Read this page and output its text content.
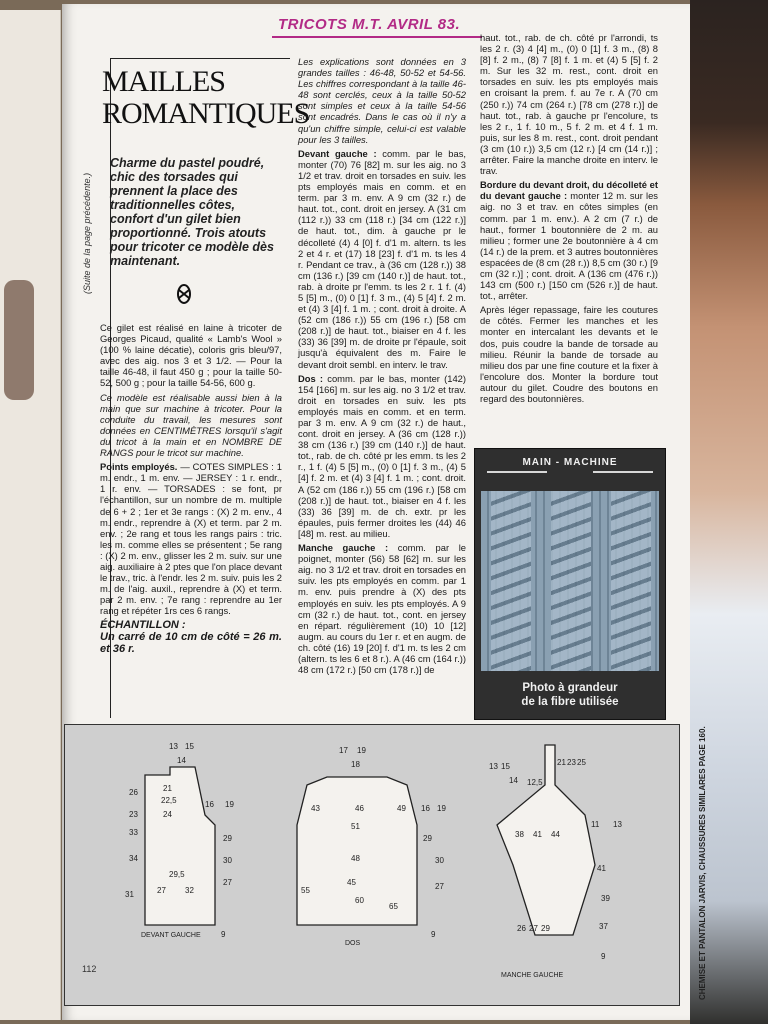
CHEMISE ET PANTALON JARVIS, CHAUSSURES SIMILARES PAGE 160.
TRICOTS M.T. AVRIL 83.
MAILLES
ROMANTIQUES
(Suite de la page précédente.)
Charme du pastel poudré, chic des torsades qui prennent la place des traditionnelles côtes, confort d'un gilet bien proportionné. Trois atouts pour tricoter ce modèle dès maintenant.

Ce gilet est réalisé en laine à tricoter de Georges Picaud, qualité « Lamb's Wool » (100 % laine décatie), coloris gris bleu/97, avec des aig. nos 3 et 3 1/2. — Pour la taille 46-48, il faut 450 g ; pour la taille 50-52, 500 g ; pour la taille 54-56, 600 g.

Ce modèle est réalisable aussi bien à la main que sur machine à tricoter. Pour la conduite du travail, les mesures sont données en CENTIMÈTRES lorsqu'il s'agit du tricot à la main et en NOMBRE DE RANGS pour le tricot sur machine.

Points employés. — COTES SIMPLES : 1 m. endr., 1 m. env. — JERSEY : 1 r. endr., 1 r. env. — TORSADES : se font, pr l'échantillon, sur un nombre de m. multiple de 6 + 2 ; 1er et 3e rangs : (X) 2 m. env., 4 m. endr., reprendre à (X) et term. par 2 m. env. ; 2e rang et tous les rangs pairs : tric. les m. comme elles se présentent ; 5e rang : (X) 2 m. env., glisser les 2 m. suiv. sur une aig. auxiliaire à 2 ptes que l'on place devant le trav., tric. à l'endr. les 2 m. suiv. puis les 2 m. de l'aig. auxil., reprendre à (X) et term. par 2 m. env. ; 7e rang : reprendre au 1er rang et répéter 1rs ces 6 rangs.

ÉCHANTILLON :
Un carré de 10 cm de côté = 26 m. et 36 r.

Les explications sont données en 3 grandes tailles : 46-48, 50-52 et 54-56. Les chiffres correspondant à la taille 46-48 sont cerclés, ceux à la taille 50-52 sont simples et ceux à la taille 54-56 sont encadrés. Dans le cas où il n'y a qu'un chiffre simple, celui-ci est valable pour les 3 tailles.

Devant gauche : comm. par le bas, monter (70) 76 [82] m. sur les aig. no 3 1/2 et trav. droit en torsades en suiv. les pts employés mais en comm. et en term. par 3 m. env. A 9 cm (32 r.) de haut. tot., cont. droit en jersey. A (31 cm (112 r.)) 33 cm (118 r.) [34 cm (122 r.)] de haut. tot., dim. à gauche pr le décolleté (4) 4 [0] f. d'1 m. altern. ts les 2 et 4 r. et (17) 18 [23] f. d'1 m. ts les 4 r. Pendant ce trav., à (36 cm (128 r.)) 38 cm (136 r.) [39 cm (140 r.)] de haut. tot., rab. à droite pr l'emm. ts les 2 r. 1 f. (4) 5 [5] m., (0) 0 [1] f. 3 m., (4) 5 [4] f. 2 m. et (4) 3 [4] f. 1 m. ; cont. droit à droite. A (52 cm (186 r.)) 55 cm (196 r.) [58 cm (208 r.)] de haut. tot., biaiser en 4 f. les (33) 36 [39] m. de droite pr l'épaule, soit jusqu'à équivalent des m. Faire le devant droit sembl. en interv. le trav.

Dos : comm. par le bas, monter (142) 154 [166] m. sur les aig. no 3 1/2 et trav. droit en torsades en suiv. les pts employés mais en comm. et en term. par 3 m. env. A 9 cm (32 r.) de haut., cont. droit en jersey. A (36 cm (128 r.)) 38 cm (136 r.) [39 cm (140 r.)] de haut. tot., rab. de ch. côté pr les emm. ts les 2 r., 1 f. (4) 5 [5] m., (0) 0 [1] f. 3 m., (4) 5 [4] f. 2 m. et (4) 3 [4] f. 1 m. ; cont. droit. A (52 cm (186 r.)) 55 cm (196 r.) [58 cm (208 r.)] de haut. tot., biaiser en 4 f. les (33) 36 [39] m. de ch. extr. pr les épaules, puis fermer droites les (44) 46 [48] m. rest. au milieu.

Manche gauche : comm. par le poignet, monter (56) 58 [62] m. sur les aig. no 3 1/2 et trav. droit en torsades en suiv. les pts employés en comm. par 1 m. env. puis prendre à (X) des pts employés en suiv. les pts employés. A 9 cm (32 r.) de haut. tot., cont. en jersey en répart. régulièrement (10) 10 [12] augm. au cours du 1er r. et en augm. de ch. côté (16) 19 [20] f. d'1 m. ts les 2 cm (altern. ts les 6 et 8 r.). A (46 cm (164 r.)) 48 cm (172 r.) [50 cm (178 r.)] de

haut. tot., rab. de ch. côté pr l'arrondi, ts les 2 r. (3) 4 [4] m., (0) 0 [1] f. 3 m., (8) 8 [8] f. 2 m., (8) 7 [8] f. 1 m. et (4) 5 [5] f. 2 m. Sur les 32 m. rest., cont. droit en torsades en suiv. les pts employés mais en croisant la prem. f. au 7e r. A (70 cm (250 r.)) 74 cm (264 r.) [78 cm (278 r.)] de haut. tot., rab. à gauche pr l'encolure, ts les 2 r., 1 f. 10 m., 5 f. 2 m. et 4 f. 1 m. puis, sur les 8 m. rest., cont. droit pendant (3 cm (10 r.)) 3,5 cm (12 r.) [4 cm (14 r.)] ; arrêter. Faire la manche droite en interv. le trav.

Bordure du devant droit, du décolleté et du devant gauche : monter 12 m. sur les aig. no 3 et trav. en côtes simples (en comm. par 1 m. env.). A 2 cm (7 r.) de haut., former 1 boutonnière de 2 m. au milieu ; former une 2e boutonnière à 4 cm (14 r.) de la prem. et 3 autres boutonnières espacées de (8 cm (28 r.)) 8,5 cm (30 r.) [9 cm (32 r.)] ; cont. droit. A (136 cm (476 r.)) 143 cm (500 r.) [150 cm (526 r.)] de haut. tot., arrêter.

Après léger repassage, faire les coutures de côtés. Fermer les manches et les monter en intercalant les devants et le dos, puis coudre la bande de torsade au milieu. Réunir la bande de torsade au milieu dos par une fine couture et la fixer à l'encolure dos. Monter la bordure tout autour du gilet. Coudre des boutons en regard des boutonnières.

MAIN - MACHINE
Photo à grandeur
de la fibre utilisée
13 15
14
21
22,5
24
16 19
23
26
33
34
31
29,5
27 32
27
29
30
9
DEVANT GAUCHE
17 19
18
46
43	49
51
48
16 19
60
45
55
65
27
29
30
9
DOS
13 15
14 12,5
21 23 25
38 41 44
11 13
41
39
37
26 27 29
9
MANCHE GAUCHE
112
